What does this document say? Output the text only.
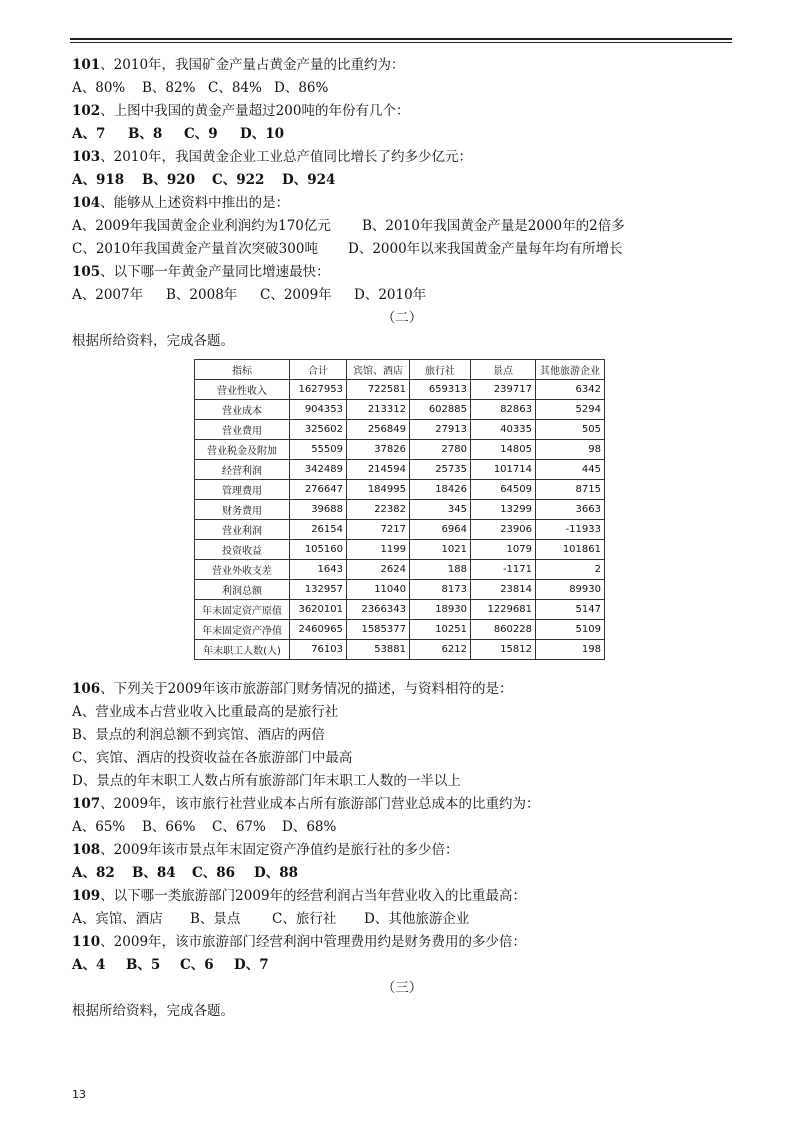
101、2010年，我国矿金产量占黄金产量的比重约为：
A、80% B、82% C、84% D、86%
102、上图中我国的黄金产量超过200吨的年份有几个：
A、7 B、8 C、9 D、10
103、2010年，我国黄金企业工业总产值同比增长了约多少亿元：
A、918 B、920 C、922 D、924
104、能够从上述资料中推出的是：
A、2009年我国黄金企业利润约为170亿元 B、2010年我国黄金产量是2000年的2倍多
C、2010年我国黄金产量首次突破300吨 D、2000年以来我国黄金产量每年均有所增长
105、以下哪一年黄金产量同比增速最快：
A、2007年 B、2008年 C、2009年 D、2010年
（二）
根据所给资料，完成各题。
指标	合计	宾馆、酒店	旅行社	景点	其他旅游企业
营业性收入	1627953	722581	659313	239717	6342
营业成本	904353	213312	602885	82863	5294
营业费用	325602	256849	27913	40335	505
营业税金及附加	55509	37826	2780	14805	98
经营利润	342489	214594	25735	101714	445
管理费用	276647	184995	18426	64509	8715
财务费用	39688	22382	345	13299	3663
营业利润	26154	7217	6964	23906	-11933
投资收益	105160	1199	1021	1079	101861
营业外收支差	1643	2624	188	-1171	2
利润总额	132957	11040	8173	23814	89930
年末固定资产原值	3620101	2366343	18930	1229681	5147
年末固定资产净值	2460965	1585377	10251	860228	5109
年末职工人数(人)	76103	53881	6212	15812	198
106、下列关于2009年该市旅游部门财务情况的描述，与资料相符的是：
A、营业成本占营业收入比重最高的是旅行社
B、景点的利润总额不到宾馆、酒店的两倍
C、宾馆、酒店的投资收益在各旅游部门中最高
D、景点的年末职工人数占所有旅游部门年末职工人数的一半以上
107、2009年，该市旅行社营业成本占所有旅游部门营业总成本的比重约为：
A、65% B、66% C、67% D、68%
108、2009年该市景点年末固定资产净值约是旅行社的多少倍：
A、82 B、84 C、86 D、88
109、以下哪一类旅游部门2009年的经营利润占当年营业收入的比重最高：
A、宾馆、酒店 B、景点 C、旅行社 D、其他旅游企业
110、2009年，该市旅游部门经营利润中管理费用约是财务费用的多少倍：
A、4 B、5 C、6 D、7
（三）
根据所给资料，完成各题。
13
